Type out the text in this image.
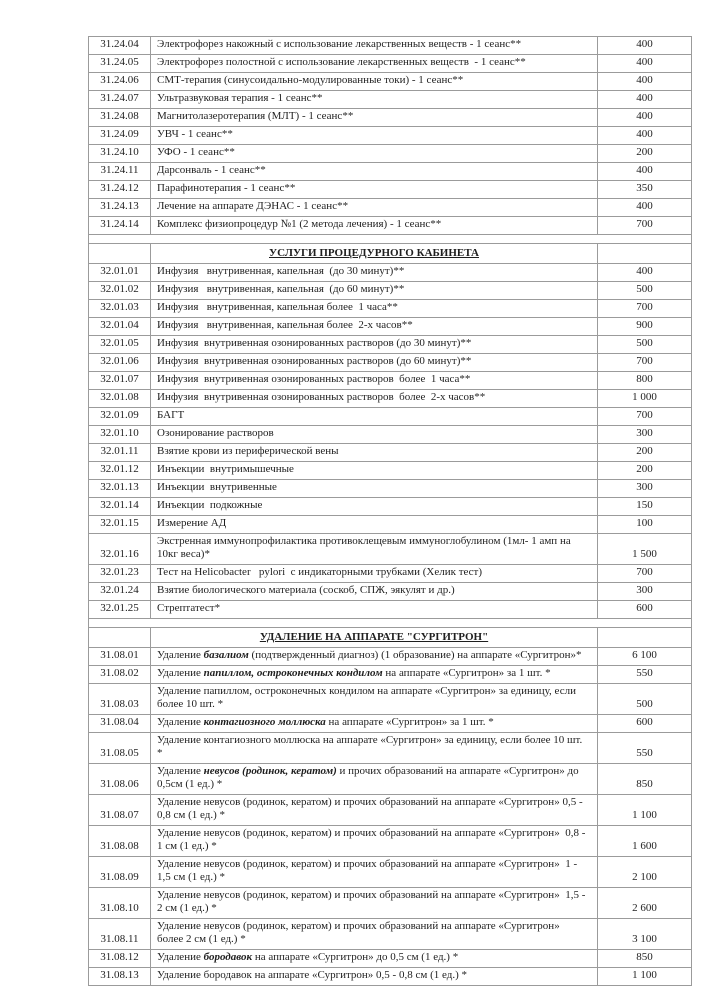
31.24.04	Электрофорез накожный с использование лекарственных веществ - 1 сеанс**	400
31.24.05	Электрофорез полостной с использование лекарственных веществ  - 1 сеанс**	400
31.24.06	СМТ-терапия (синусоидально-модулированные токи) - 1 сеанс**	400
31.24.07	Ультразвуковая терапия - 1 сеанс**	400
31.24.08	Магнитолазеротерапия (МЛТ) - 1 сеанс**	400
31.24.09	УВЧ - 1 сеанс**	400
31.24.10	УФО - 1 сеанс**	200
31.24.11	Дарсонваль - 1 сеанс**	400
31.24.12	Парафинотерапия - 1 сеанс**	350
31.24.13	Лечение на аппарате ДЭНАС - 1 сеанс**	400
31.24.14	Комплекс физиопроцедур №1 (2 метода лечения) - 1 сеанс**	700

	УСЛУГИ ПРОЦЕДУРНОГО КАБИНЕТА	
32.01.01	Инфузия   внутривенная, капельная  (до 30 минут)**	400
32.01.02	Инфузия   внутривенная, капельная  (до 60 минут)**	500
32.01.03	Инфузия   внутривенная, капельная более  1 часа**	700
32.01.04	Инфузия   внутривенная, капельная более  2-х часов**	900
32.01.05	Инфузия  внутривенная озонированных растворов (до 30 минут)**	500
32.01.06	Инфузия  внутривенная озонированных растворов (до 60 минут)**	700
32.01.07	Инфузия  внутривенная озонированных растворов  более  1 часа**	800
32.01.08	Инфузия  внутривенная озонированных растворов  более  2-х часов**	1 000
32.01.09	БАГТ	700
32.01.10	Озонирование растворов	300
32.01.11	Взятие крови из периферической вены	200
32.01.12	Инъекции  внутримышечные	200
32.01.13	Инъекции  внутривенные	300
32.01.14	Инъекции  подкожные	150
32.01.15	Измерение АД	100
32.01.16	Экстренная иммунопрофилактика противоклещевым иммуноглобулином (1мл- 1 амп на 10кг веса)*	1 500
32.01.23	Тест на Helicobacter   pylori  с индикаторными трубками (Хелик тест)	700
32.01.24	Взятие биологического материала (соскоб, СПЖ, эякулят и др.)	300
32.01.25	Стрептатест*	600

	УДАЛЕНИЕ НА АППАРАТЕ "СУРГИТРОН"	
31.08.01	Удаление базалиом (подтвержденный диагноз) (1 образование) на аппарате «Сургитрон»*	6 100
31.08.02	Удаление папиллом, остроконечных кондилом на аппарате «Сургитрон» за 1 шт. *	550
31.08.03	Удаление папиллом, остроконечных кондилом на аппарате «Сургитрон» за единицу, если более 10 шт. *	500
31.08.04	Удаление контагиозного моллюска на аппарате «Сургитрон» за 1 шт. *	600
31.08.05	Удаление контагиозного моллюска на аппарате «Сургитрон» за единицу, если более 10 шт. *	550
31.08.06	Удаление невусов (родинок, кератом) и прочих образований на аппарате «Сургитрон» до 0,5см (1 ед.) *	850
31.08.07	Удаление невусов (родинок, кератом) и прочих образований на аппарате «Сургитрон» 0,5 - 0,8 см (1 ед.) *	1 100
31.08.08	Удаление невусов (родинок, кератом) и прочих образований на аппарате «Сургитрон»  0,8 - 1 см (1 ед.) *	1 600
31.08.09	Удаление невусов (родинок, кератом) и прочих образований на аппарате «Сургитрон»  1 - 1,5 см (1 ед.) *	2 100
31.08.10	Удаление невусов (родинок, кератом) и прочих образований на аппарате «Сургитрон»  1,5 - 2 см (1 ед.) *	2 600
31.08.11	Удаление невусов (родинок, кератом) и прочих образований на аппарате «Сургитрон»  более 2 см (1 ед.) *	3 100
31.08.12	Удаление бородавок на аппарате «Сургитрон» до 0,5 см (1 ед.) *	850
31.08.13	Удаление бородавок на аппарате «Сургитрон» 0,5 - 0,8 см (1 ед.) *	1 100
